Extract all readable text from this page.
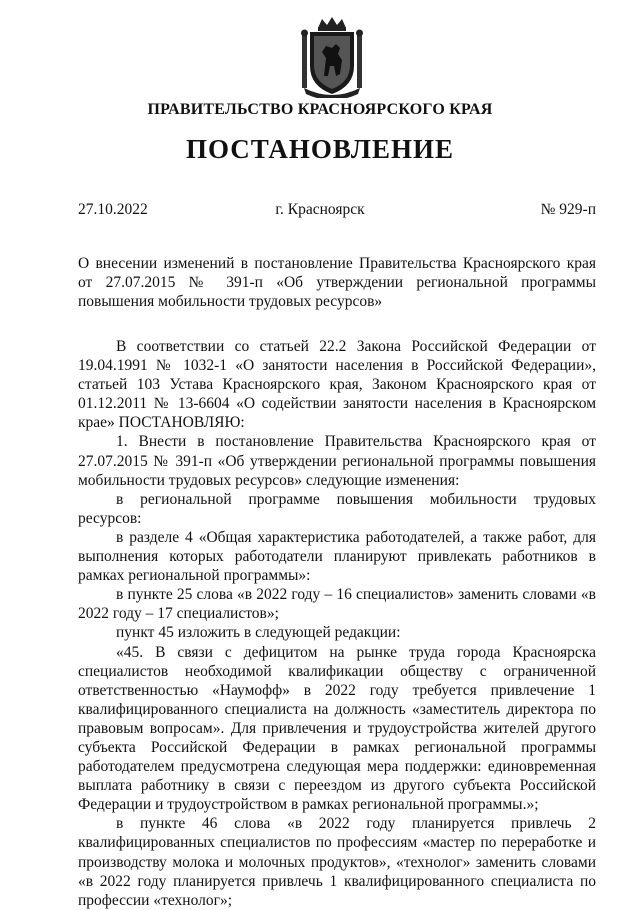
ПРАВИТЕЛЬСТВО КРАСНОЯРСКОГО КРАЯ
ПОСТАНОВЛЕНИЕ
27.10.2022	г. Красноярск	№ 929-п
О внесении изменений в постановление Правительства Красноярского края от 27.07.2015 № 391-п «Об утверждении региональной программы повышения мобильности трудовых ресурсов»

В соответствии со статьей 22.2 Закона Российской Федерации от 19.04.1991 № 1032-1 «О занятости населения в Российской Федерации», статьей 103 Устава Красноярского края, Законом Красноярского края от 01.12.2011 № 13-6604 «О содействии занятости населения в Красноярском крае» ПОСТАНОВЛЯЮ:

1. Внести в постановление Правительства Красноярского края от 27.07.2015 № 391-п «Об утверждении региональной программы повышения мобильности трудовых ресурсов» следующие изменения:

в региональной программе повышения мобильности трудовых ресурсов:

в разделе 4 «Общая характеристика работодателей, а также работ, для выполнения которых работодатели планируют привлекать работников в рамках региональной программы»:

в пункте 25 слова «в 2022 году – 16 специалистов» заменить словами «в 2022 году – 17 специалистов»;

пункт 45 изложить в следующей редакции:

«45. В связи с дефицитом на рынке труда города Красноярска специалистов необходимой квалификации обществу с ограниченной ответственностью «Наумофф» в 2022 году требуется привлечение 1 квалифицированного специалиста на должность «заместитель директора по правовым вопросам». Для привлечения и трудоустройства жителей другого субъекта Российской Федерации в рамках региональной программы работодателем предусмотрена следующая мера поддержки: единовременная выплата работнику в связи с переездом из другого субъекта Российской Федерации и трудоустройством в рамках региональной программы.»;

в пункте 46 слова «в 2022 году планируется привлечь 2 квалифицированных специалистов по профессиям «мастер по переработке и производству молока и молочных продуктов», «технолог» заменить словами «в 2022 году планируется привлечь 1 квалифицированного специалиста по профессии «технолог»;
